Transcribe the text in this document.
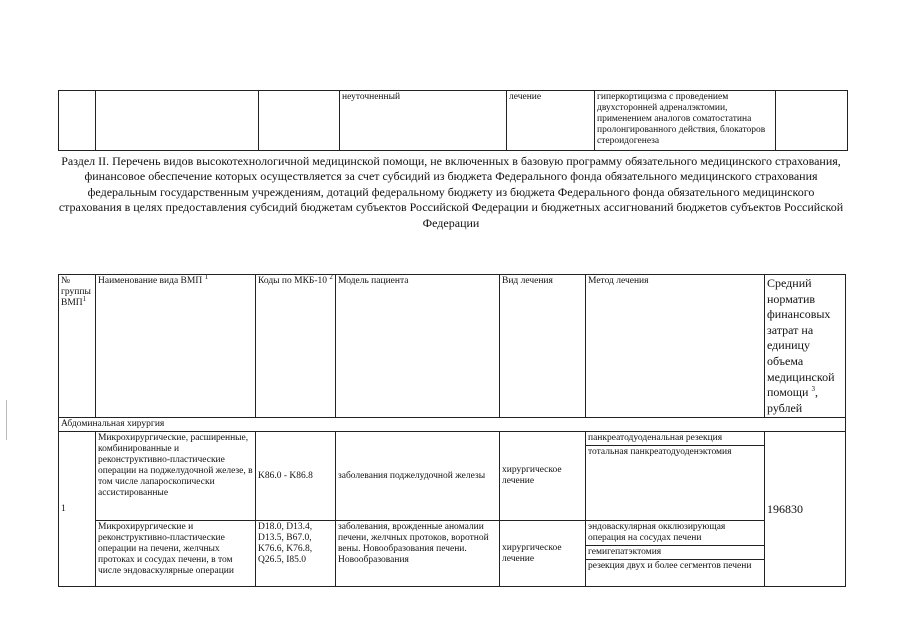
			неуточненный	лечение	гиперкортицизма с проведением двухсторонней адреналэктомии, применением аналогов соматостатина пролонгированного действия, блокаторов стероидогенеза	
Раздел II. Перечень видов высокотехнологичной медицинской помощи, не включенных в базовую программу обязательного медицинского страхования, финансовое обеспечение которых осуществляется за счет субсидий из бюджета Федерального фонда обязательного медицинского страхования федеральным государственным учреждениям, дотаций федеральному бюджету из бюджета Федерального фонда обязательного медицинского страхования в целях предоставления субсидий бюджетам субъектов Российской Федерации и бюджетных ассигнований бюджетов субъектов Российской Федерации
№ группы ВМП$^1$	Наименование вида ВМП $^1$	Коды по МКБ-10 $^2$	Модель пациента	Вид лечения	Метод лечения	Средний норматив финансовых затрат на единицу объема медицинской помощи $^3$, рублей
Абдоминальная хирургия						
1	Микрохирургические, расширенные, комбинированные и реконструктивно-пластические операции на поджелудочной железе, в том числе лапароскопически ассистированные	K86.0 - K86.8	заболевания поджелудочной железы	хирургическое лечение	панкреатодуоденальная резекция
тотальная панкреатодуоденэктомия	196830
	Микрохирургические и реконструктивно-пластические операции на печени, желчных протоках и сосудах печени, в том числе эндоваскулярные операции	D18.0, D13.4, D13.5, B67.0, K76.6, K76.8, Q26.5, I85.0	заболевания, врожденные аномалии печени, желчных протоков, воротной вены. Новообразования печени. Новообразования	хирургическое лечение	эндоваскулярная окклюзирующая операция на сосудах печени
гемигепатэктомия
резекция двух и более сегментов печени	
